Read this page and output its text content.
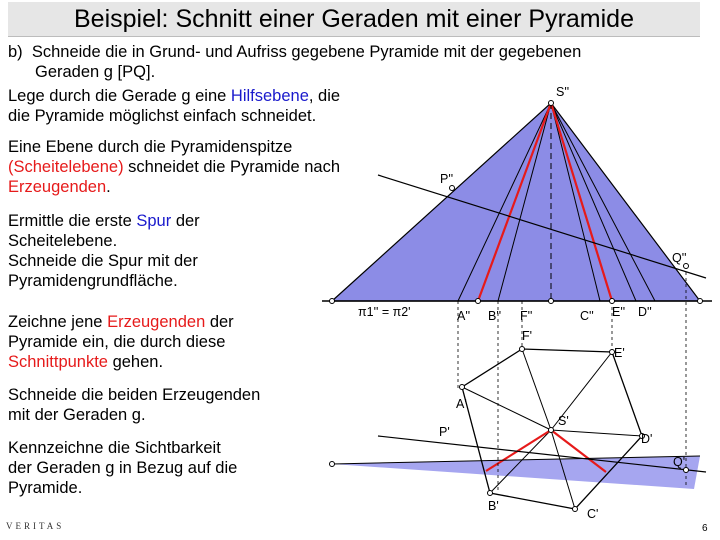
Beispiel: Schnitt einer Geraden mit einer Pyramide
b) Schneide die in Grund- und Aufriss gegebene Pyramide mit der gegebenen
Geraden g [PQ].
Lege durch die Gerade g eine Hilfsebene, die
die Pyramide möglichst einfach schneidet.
Eine Ebene durch die Pyramidenspitze
(Scheitelebene) schneidet die Pyramide nach
Erzeugenden.
Ermittle die erste Spur der
Scheitelebene.
Schneide die Spur mit der
Pyramidengrundfläche.
Zeichne jene Erzeugenden der
Pyramide ein, die durch diese
Schnittpunkte gehen.
Schneide die beiden Erzeugenden
mit der Geraden g.
Kennzeichne die Sichtbarkeit
der Geraden g in Bezug auf die
Pyramide.
S''
P''
Q''
π1'' = π2'	A'' B'' F''	C'' E'' D''
F'
E'
A'
S'
P'	D'
Q'
B'
C'
VERITAS	6
